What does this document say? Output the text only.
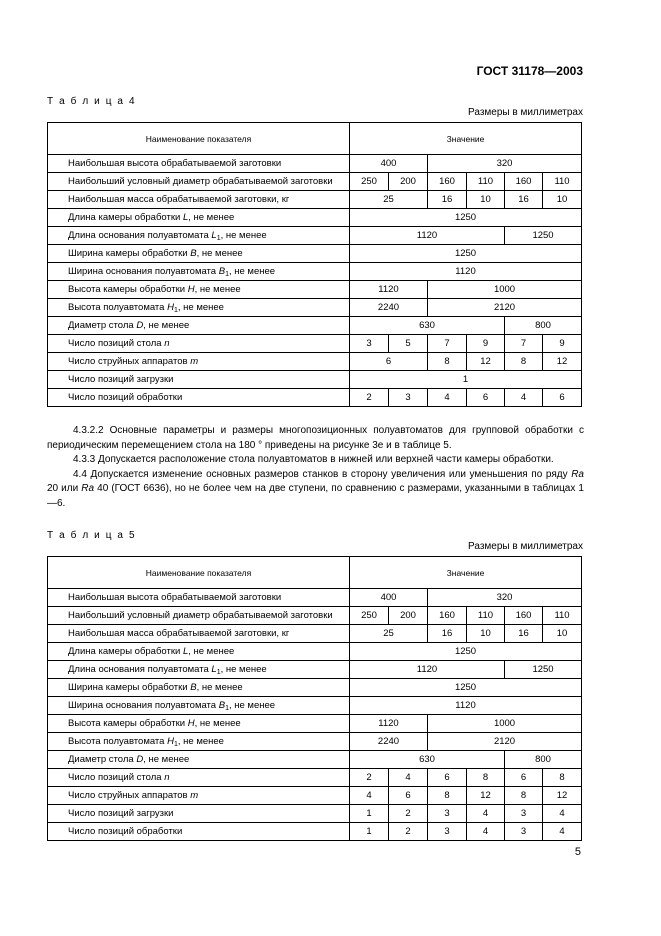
ГОСТ 31178—2003
Т а б л и ц а 4
Размеры в миллиметрах
Наименование показателя	Значение					
Наибольшая высота обрабатываемой заготовки	400		320			
Наибольший условный диаметр обрабатываемой заготовки	250	200	160	110	160	110
Наибольшая масса обрабатываемой заготовки, кг	25		16	10	16	10
Длина камеры обработки L, не менее	1250					
Длина основания полуавтомата $L_1$, не менее	1120				1250	
Ширина камеры обработки B, не менее	1250					
Ширина основания полуавтомата $B_1$, не менее	1120					
Высота камеры обработки H, не менее	1120		1000			
Высота полуавтомата $H_1$, не менее	2240		2120			
Диаметр стола D, не менее	630				800	
Число позиций стола n	3	5	7	9	7	9
Число струйных аппаратов m	6		8	12	8	12
Число позиций загрузки	1					
Число позиций обработки	2	3	4	6	4	6

4.3.2.2 Основные параметры и размеры многопозиционных полуавтоматов для групповой обработки с периодическим перемещением стола на 180 ° приведены на рисунке 3е и в таблице 5.

4.3.3 Допускается расположение стола полуавтоматов в нижней или верхней части камеры обработки.

4.4 Допускается изменение основных размеров станков в сторону увеличения или уменьшения по ряду Ra 20 или Ra 40 (ГОСТ 6636), но не более чем на две ступени, по сравнению с размерами, указанными в таблицах 1—6.

Т а б л и ц а 5
Размеры в миллиметрах
Наименование показателя	Значение					
Наибольшая высота обрабатываемой заготовки	400		320			
Наибольший условный диаметр обрабатываемой заготовки	250	200	160	110	160	110
Наибольшая масса обрабатываемой заготовки, кг	25		16	10	16	10
Длина камеры обработки L, не менее	1250					
Длина основания полуавтомата $L_1$, не менее	1120				1250	
Ширина камеры обработки B, не менее	1250					
Ширина основания полуавтомата $B_1$, не менее	1120					
Высота камеры обработки H, не менее	1120		1000			
Высота полуавтомата $H_1$, не менее	2240		2120			
Диаметр стола D, не менее	630				800	
Число позиций стола n	2	4	6	8	6	8
Число струйных аппаратов m	4	6	8	12	8	12
Число позиций загрузки	1	2	3	4	3	4
Число позиций обработки	1	2	3	4	3	4
5
